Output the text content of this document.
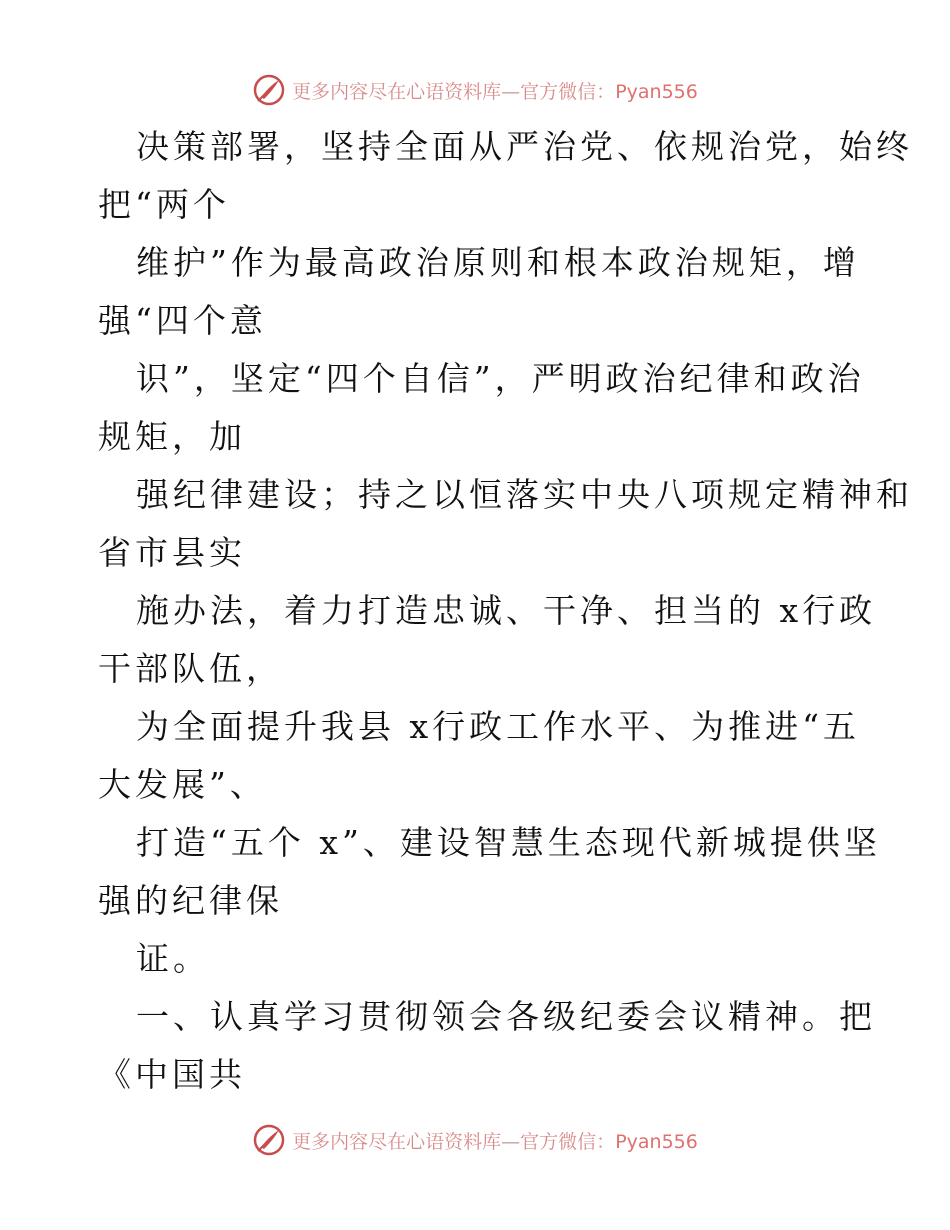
更多内容尽在心语资料库—官方微信：Pyan556
决策部署，坚持全面从严治党、依规治党，始终
把“两个
维护”作为最高政治原则和根本政治规矩，增
强“四个意
识”，坚定“四个自信”，严明政治纪律和政治
规矩，加
强纪律建设；持之以恒落实中央八项规定精神和
省市县实
施办法，着力打造忠诚、干净、担当的 x行政
干部队伍，
为全面提升我县 x行政工作水平、为推进“五
大发展”、
打造“五个 x”、建设智慧生态现代新城提供坚
强的纪律保
证。
一、认真学习贯彻领会各级纪委会议精神。把
《中国共
更多内容尽在心语资料库—官方微信：Pyan556
